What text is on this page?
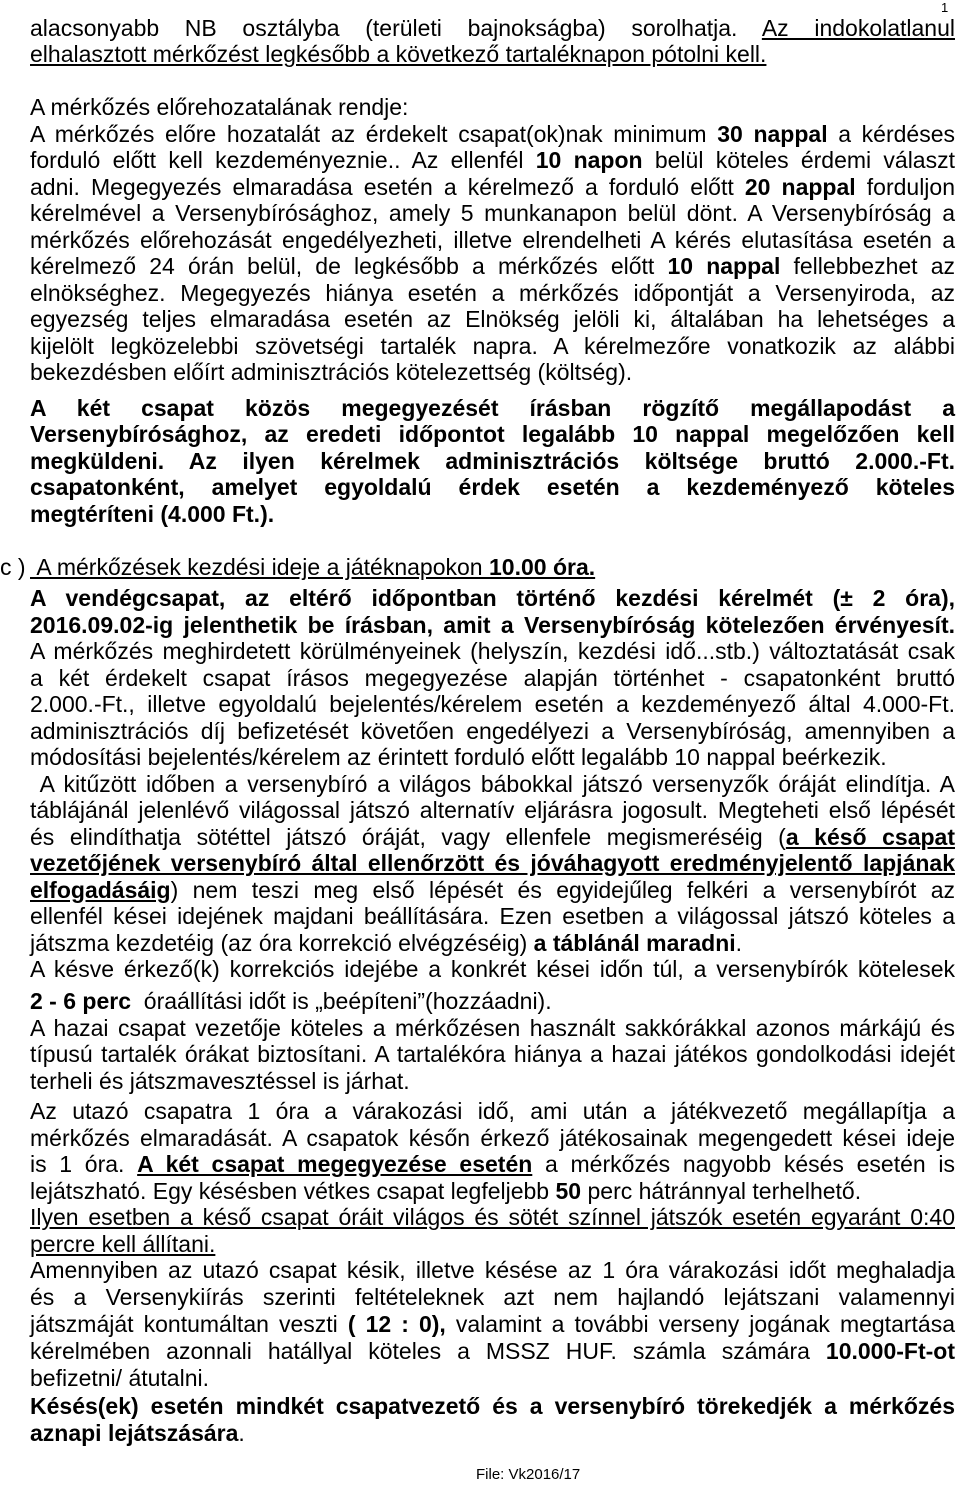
1
alacsonyabb NB osztályba (területi bajnokságba) sorolhatja. Az indokolatlanul
elhalasztott mérkőzést legkésőbb a következő tartaléknapon pótolni kell.
A mérkőzés előrehozatalának rendje:
A mérkőzés előre hozatalát az érdekelt csapat(ok)nak minimum 30 nappal a kérdéses
forduló előtt kell kezdeményeznie.. Az ellenfél 10 napon belül köteles érdemi választ
adni. Megegyezés elmaradása esetén a kérelmező a forduló előtt 20 nappal forduljon
kérelmével a Versenybírósághoz, amely 5 munkanapon belül dönt. A Versenybíróság a
mérkőzés előrehozását engedélyezheti, illetve elrendelheti A kérés elutasítása esetén a
kérelmező 24 órán belül, de legkésőbb a mérkőzés előtt 10 nappal fellebbezhet az
elnökséghez. Megegyezés hiánya esetén a mérkőzés időpontját a Versenyiroda, az
egyezség teljes elmaradása esetén az Elnökség jelöli ki, általában ha lehetséges a
kijelölt legközelebbi szövetségi tartalék napra. A kérelmezőre vonatkozik az alábbi
bekezdésben előírt adminisztrációs kötelezettség (költség).
A két csapat közös megegyezését írásban rögzítő megállapodást a
Versenybírósághoz, az eredeti időpontot legalább 10 nappal megelőzően kell
megküldeni. Az ilyen kérelmek adminisztrációs költsége bruttó 2.000.-Ft.
csapatonként, amelyet egyoldalú érdek esetén a kezdeményező köteles
megtéríteni (4.000 Ft.).
c ) A mérkőzések kezdési ideje a játéknapokon 10.00 óra.
A vendégcsapat, az eltérő időpontban történő kezdési kérelmét (± 2 óra),
2016.09.02-ig jelenthetik be írásban, amit a Versenybíróság kötelezően érvényesít.
A mérkőzés meghirdetett körülményeinek (helyszín, kezdési idő...stb.) változtatását csak
a két érdekelt csapat írásos megegyezése alapján történhet - csapatonként bruttó
2.000.-Ft., illetve egyoldalú bejelentés/kérelem esetén a kezdeményező által 4.000-Ft.
adminisztrációs díj befizetését követően engedélyezi a Versenybíróság, amennyiben a
módosítási bejelentés/kérelem az érintett forduló előtt legalább 10 nappal beérkezik.
A kitűzött időben a versenybíró a világos bábokkal játszó versenyzők óráját elindítja. A
táblájánál jelenlévő világossal játszó alternatív eljárásra jogosult. Megteheti első lépését
és elindíthatja sötéttel játszó óráját, vagy ellenfele megismeréséig (a késő csapat
vezetőjének versenybíró által ellenőrzött és jóváhagyott eredményjelentő lapjának
elfogadásáig) nem teszi meg első lépését és egyidejűleg felkéri a versenybírót az
ellenfél kései idejének majdani beállítására. Ezen esetben a világossal játszó köteles a
játszma kezdetéig (az óra korrekció elvégzéséig) a táblánál maradni.
A késve érkező(k) korrekciós idejébe a konkrét kései időn túl, a versenybírók kötelesek
2 - 6 perc  óraállítási időt is „beépíteni”(hozzáadni).
A hazai csapat vezetője köteles a mérkőzésen használt sakkórákkal azonos márkájú és
típusú tartalék órákat biztosítani. A tartalékóra hiánya a hazai játékos gondolkodási idejét
terheli és játszmavesztéssel is járhat.
Az utazó csapatra 1 óra a várakozási idő, ami után a játékvezető megállapítja a
mérkőzés elmaradását. A csapatok későn érkező játékosainak megengedett kései ideje
is 1 óra. A két csapat megegyezése esetén a mérkőzés nagyobb késés esetén is
lejátszható. Egy késésben vétkes csapat legfeljebb 50 perc hátránnyal terhelhető.
Ilyen esetben a késő csapat óráit világos és sötét színnel játszók esetén egyaránt 0:40
percre kell állítani.
Amennyiben az utazó csapat késik, illetve késése az 1 óra várakozási időt meghaladja
és a Versenykiírás szerinti feltételeknek azt nem hajlandó lejátszani valamennyi
játszmáját kontumáltan veszti ( 12 : 0), valamint a további verseny jogának megtartása
kérelmében azonnali hatállyal köteles a MSSZ HUF. számla számára 10.000-Ft-ot
befizetni/ átutalni.
Késés(ek) esetén mindkét csapatvezető és a versenybíró törekedjék a mérkőzés
aznapi lejátszására.
File: Vk2016/17
